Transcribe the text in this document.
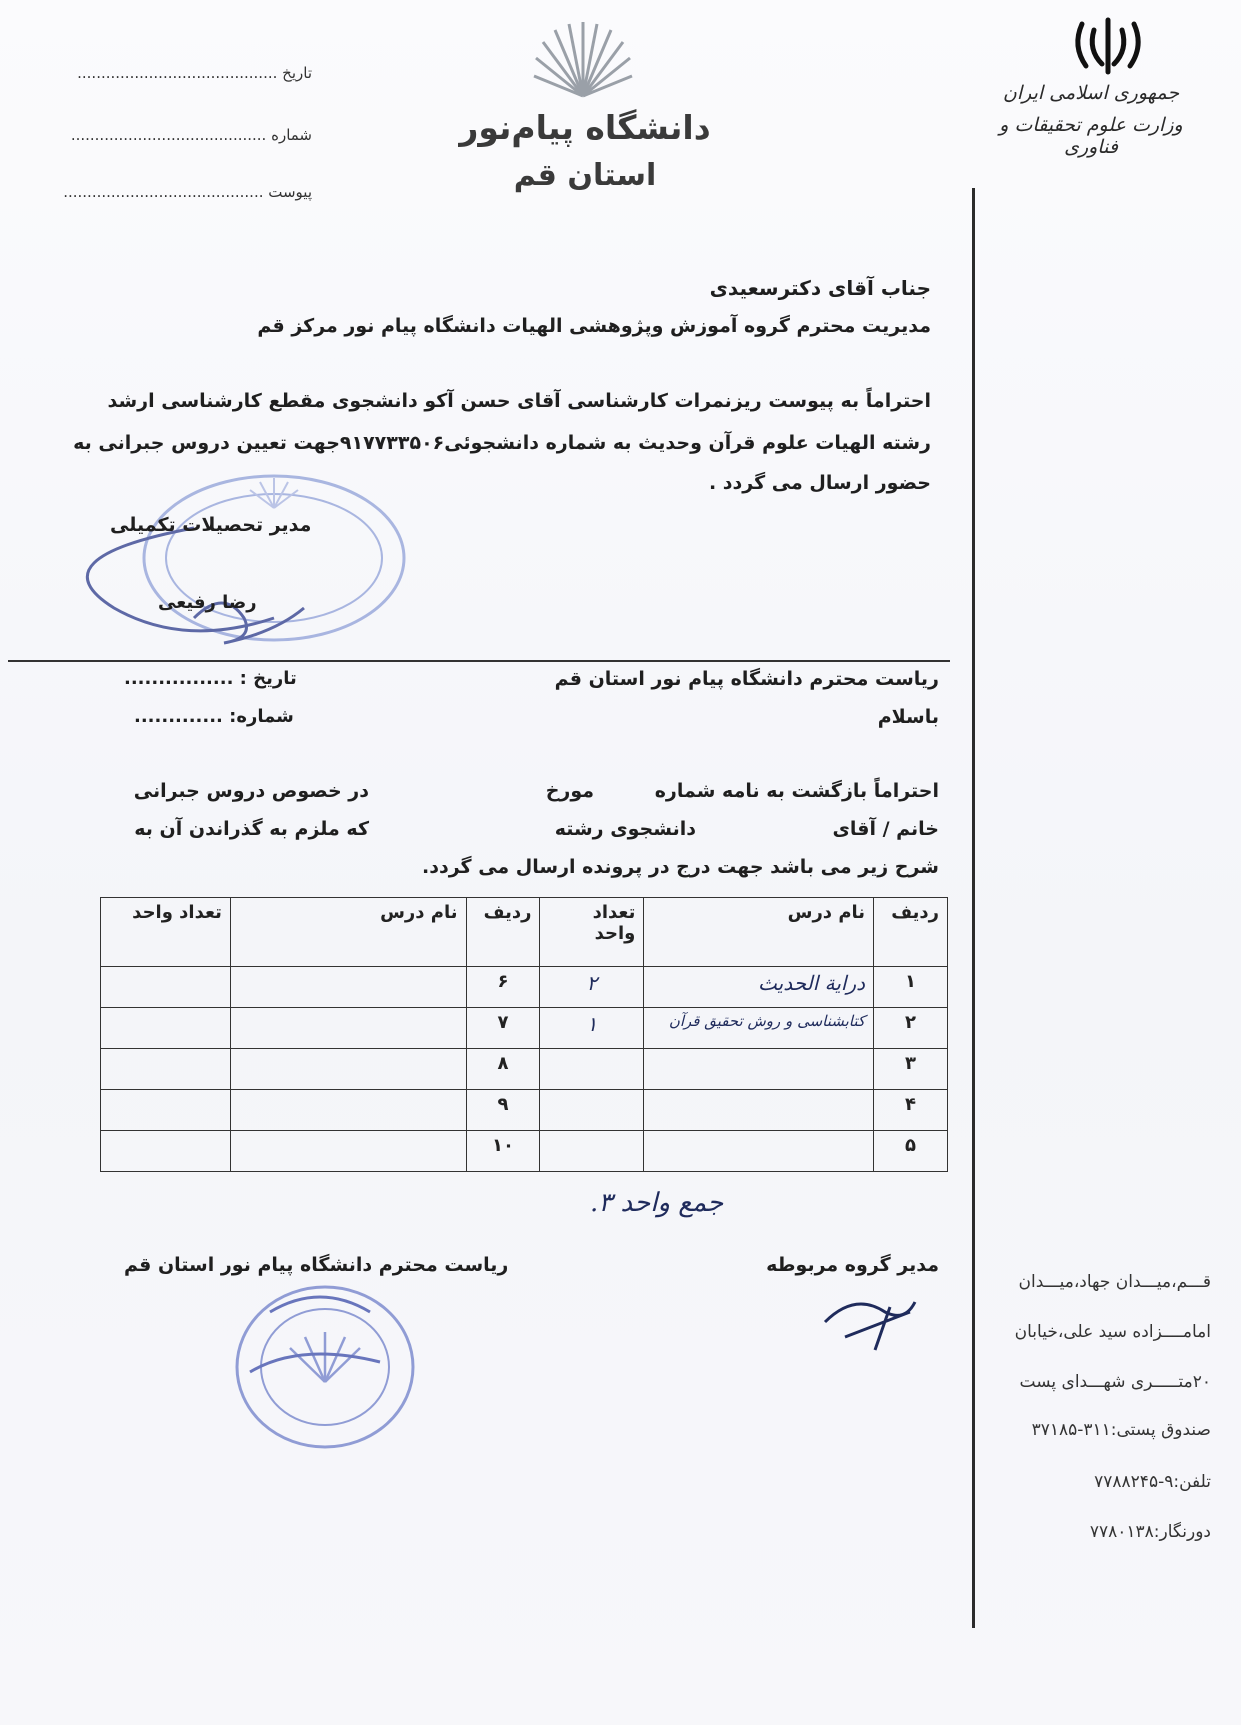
تاریخ ..........................................
شماره .........................................
پیوست ..........................................
دانشگاه پیام‌نور
استان قم
جمهوری اسلامی ایران
وزارت علوم تحقیقات و فناوری
جناب آقای دکترسعیدی
مدیریت محترم گروه آموزش وپژوهشی الهیات دانشگاه پیام نور مرکز قم
احتراماً به پیوست ریزنمرات کارشناسی آقای حسن آکو دانشجوی مقطع کارشناسی ارشد
رشته الهیات علوم قرآن وحدیث به شماره دانشجوئی۹۱۷۷۳۳۵۰۶جهت تعیین دروس جبرانی به
حضور ارسال می گردد .
مدیر تحصیلات تکمیلی
رضا رفیعی
تاریخ : ................
شماره: .............
ریاست محترم دانشگاه پیام نور استان قم
باسلام
احتراماً بازگشت به نامه شماره
مورخ
در خصوص دروس جبرانی
خانم / آقای
دانشجوی رشته
که ملزم به گذراندن آن به
شرح زیر می باشد جهت درج در پرونده ارسال می گردد.
ردیف	نام درس	تعداد واحد	ردیف	نام درس	تعداد واحد
۱	درایة الحدیث	۲	۶		
۲	کتابشناسی و روش تحقیق قرآن	۱	۷		
۳			۸		
۴			۹		
۵			۱۰		
جمع واحد ۳.
مدیر گروه مربوطه
ریاست محترم دانشگاه پیام نور استان قم
قـــم،میـــدان جهاد،میـــدان
امامــــزاده سید علی،خیابان
۲۰متـــــری شهـــدای پست
صندوق پستی:۳۱۱-۳۷۱۸۵
تلفن:۹-۷۷۸۸۲۴۵
دورنگار:۷۷۸۰۱۳۸
